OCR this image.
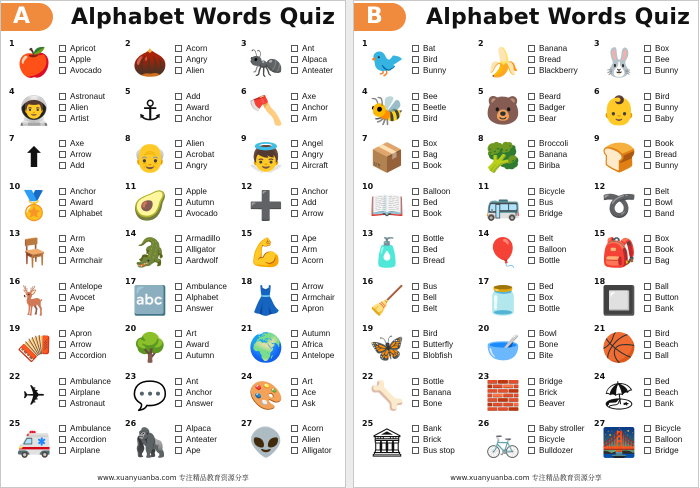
A	Alphabet Words Quiz
1
🍎 Apricot
Apple
Avocado
2
🌰 Acorn
Angry
Alien
3
🐜 Ant
Alpaca
Anteater
4
👨‍🚀 Astronaut
Alien
Artist
5
⚓	Add
Award
Anchor
6
🪓 Axe
Anchor
Arm
7
⬆	Axe
Arrow
Add
8
👴 Alien
Acrobat
Angry
9
👼 Angel
Angry
Aircraft
10
🏅 Anchor
Award
Alphabet
11
🥑 Apple
Autumn
Avocado
12
➕ Anchor
Add
Arrow
13
🪑 Arm
Axe
Armchair
14
🐊 Armadillo
Alligator
Aardwolf
15
💪 Ape
Arm
Acorn
16
🦌 Antelope
Avocet
Ape
17
🔤 Ambulance
Alphabet
Answer
18
👗 Arrow
Armchair
Apron
19
🪗 Apron
Arrow
Accordion
20
🌳 Art
Award
Autumn
21
🌍 Autumn
Africa
Antelope
22
✈	Ambulance
Airplane
Astronaut
23
💬 Ant
Anchor
Answer
24
🎨 Art
Ace
Ask
25
🚑 Ambulance
Accordion
Airplane
26
🦍 Alpaca
Anteater
Ape
27
👽 Acorn
Alien
Alligator
www.xuanyuanba.com 专注精品教育资源分享
B	Alphabet Words Quiz
1
🐦 Bat
Bird
Bunny
2
🍌 Banana
Bread
Blackberry
3
🐰 Box
Bee
Bunny
4
🐝 Bee
Beetle
Bird
5
🐻 Beard
Badger
Bear
6
👶 Bird
Bunny
Baby
7
📦 Box
Bag
Book
8
🥦 Broccoli
Banana
Biriba
9
🍞 Book
Bread
Bunny
10
📖 Balloon
Bed
Book
11
🚌 Bicycle
Bus
Bridge
12
➰ Belt
Bowl
Band
13
🧴 Bottle
Bed
Bread
14
🎈 Belt
Balloon
Bottle
15
🎒 Box
Book
Bag
16
🧹 Bus
Bell
Belt
17
🫙 Bed
Box
Bottle
18
🔲 Ball
Button
Bank
19
🦋 Bird
Butterfly
Blobfish
20
🥣 Bowl
Bone
Bite
21
🏀 Bird
Beach
Ball
22
🦴 Bottle
Banana
Bone
23
🧱 Bridge
Brick
Beaver
24
🏖 Bed
Beach
Bank
25
🏛 Bank
Brick
Bus stop
26
🚲 Baby stroller
Bicycle
Bulldozer
27
🌉 Bicycle
Balloon
Bridge
www.xuanyuanba.com 专注精品教育资源分享
